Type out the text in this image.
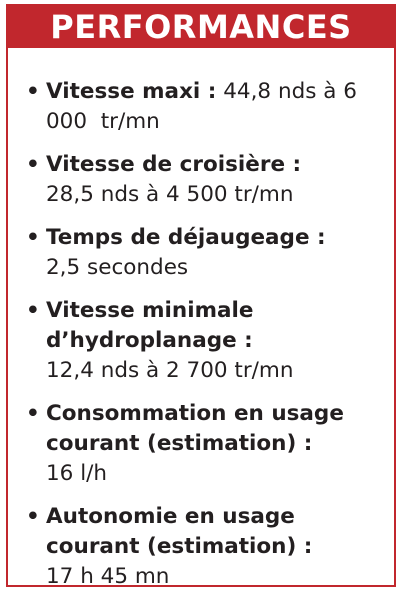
PERFORMANCES
• Vitesse maxi : 44,8 nds à 6 000  tr/mn
• Vitesse de croisière :
28,5 nds à 4 500 tr/mn
• Temps de déjaugeage :
2,5 secondes
• Vitesse minimale d’hydroplanage :
12,4 nds à 2 700 tr/mn
• Consommation en usage courant (estimation) :
16 l/h
• Autonomie en usage courant (estimation) :
17 h 45 mn
